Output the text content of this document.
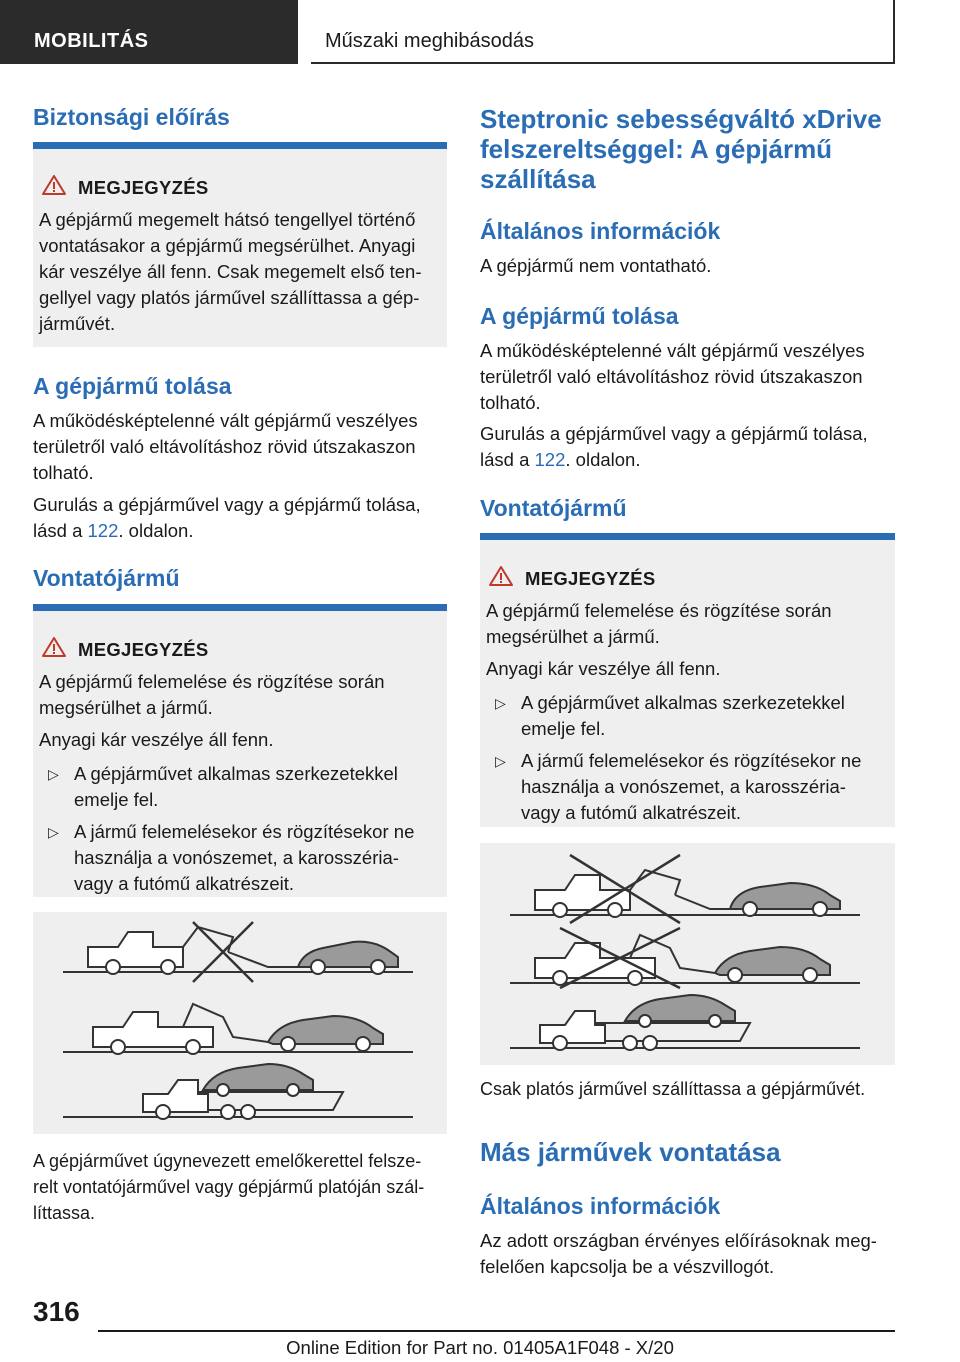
MOBILITÁS	Műszaki meghibásodás
Biztonsági előírás
MEGJEGYZÉS
A gépjármű megemelt hátsó tengellyel történő
vontatásakor a gépjármű megsérülhet. Anyagi
kár veszélye áll fenn. Csak megemelt első ten-
gellyel vagy platós járművel szállíttassa a gép-
járművét.
A gépjármű tolása
A működésképtelenné vált gépjármű veszélyes
területről való eltávolításhoz rövid útszakaszon
tolható.
Gurulás a gépjárművel vagy a gépjármű tolása,
lásd a 122. oldalon.
Vontatójármű
MEGJEGYZÉS
A gépjármű felemelése és rögzítése során
megsérülhet a jármű.
Anyagi kár veszélye áll fenn.
▷ A gépjárművet alkalmas szerkezetekkel
emelje fel.
▷ A jármű felemelésekor és rögzítésekor ne
használja a vonószemet, a karosszéria-
vagy a futómű alkatrészeit.
A gépjárművet úgynevezett emelőkerettel felsze-
relt vontatójárművel vagy gépjármű platóján szál-
líttassa.
Steptronic sebességváltó xDrive
felszereltséggel: A gépjármű
szállítása
Általános információk
A gépjármű nem vontatható.
A gépjármű tolása
A működésképtelenné vált gépjármű veszélyes
területről való eltávolításhoz rövid útszakaszon
tolható.
Gurulás a gépjárművel vagy a gépjármű tolása,
lásd a 122. oldalon.
Vontatójármű
MEGJEGYZÉS
A gépjármű felemelése és rögzítése során
megsérülhet a jármű.
Anyagi kár veszélye áll fenn.
▷ A gépjárművet alkalmas szerkezetekkel
emelje fel.
▷ A jármű felemelésekor és rögzítésekor ne
használja a vonószemet, a karosszéria-
vagy a futómű alkatrészeit.
Csak platós járművel szállíttassa a gépjárművét.
Más járművek vontatása
Általános információk
Az adott országban érvényes előírásoknak meg-
felelően kapcsolja be a vészvillogót.
316
Online Edition for Part no. 01405A1F048 - X/20
